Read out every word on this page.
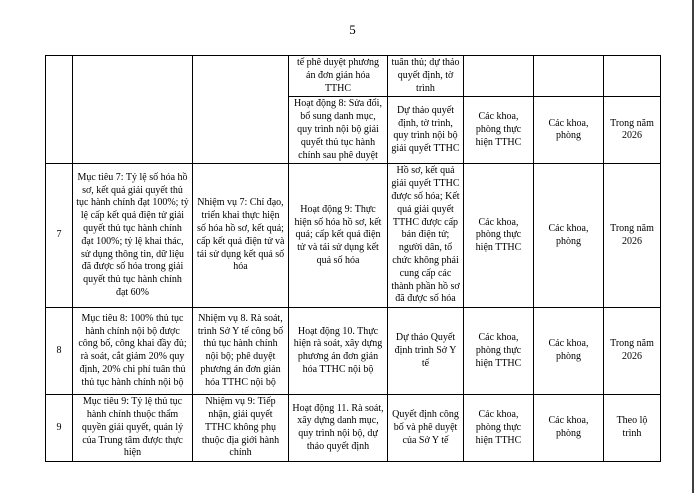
5
			tế phê duyệt phương án đơn giản hóa TTHC	tuân thủ; dự thảo quyết định, tờ trình			
			Hoạt động 8: Sửa đổi, bổ sung danh mục, quy trình nội bộ giải quyết thủ tục hành chính sau phê duyệt	Dự thảo quyết định, tờ trình, quy trình nội bộ giải quyết TTHC	Các khoa, phòng thực hiện TTHC	Các khoa, phòng	Trong năm 2026
7	Mục tiêu 7: Tỷ lệ số hóa hồ sơ, kết quả giải quyết thủ tục hành chính đạt 100%; tỷ lệ cấp kết quả điện tử giải quyết thủ tục hành chính đạt 100%; tỷ lệ khai thác, sử dụng thông tin, dữ liệu đã được số hóa trong giải quyết thủ tục hành chính đạt 60%	Nhiệm vụ 7: Chỉ đạo, triển khai thực hiện số hóa hồ sơ, kết quả; cấp kết quả điện tử và tái sử dụng kết quả số hóa	Hoạt động 9: Thực hiện số hóa hồ sơ, kết quả; cấp kết quả điện tử và tái sử dụng kết quả số hóa	Hồ sơ, kết quả giải quyết TTHC được số hóa; Kết quả giải quyết TTHC được cấp bản điện tử; người dân, tổ chức không phải cung cấp các thành phần hồ sơ đã được số hóa	Các khoa, phòng thực hiện TTHC	Các khoa, phòng	Trong năm 2026
8	Mục tiêu 8: 100% thủ tục hành chính nội bộ được công bố, công khai đầy đủ; rà soát, cắt giảm 20% quy định, 20% chi phí tuân thủ thủ tục hành chính nội bộ	Nhiệm vụ 8. Rà soát, trình Sở Y tế công bố thủ tục hành chính nội bộ; phê duyệt phương án đơn giản hóa TTHC nội bộ	Hoạt động 10. Thực hiện rà soát, xây dựng phương án đơn giản hóa TTHC nội bộ	Dự thảo Quyết định trình Sở Y tế	Các khoa, phòng thực hiện TTHC	Các khoa, phòng	Trong năm 2026
9	Mục tiêu 9: Tỷ lệ thủ tục hành chính thuộc thẩm quyền giải quyết, quản lý của Trung tâm được thực hiện	Nhiệm vụ 9: Tiếp nhận, giải quyết TTHC không phụ thuộc địa giới hành chính	Hoạt động 11. Rà soát, xây dựng danh mục, quy trình nội bộ, dự thảo quyết định	Quyết định công bố và phê duyệt của Sở Y tế	Các khoa, phòng thực hiện TTHC	Các khoa, phòng	Theo lộ trình
